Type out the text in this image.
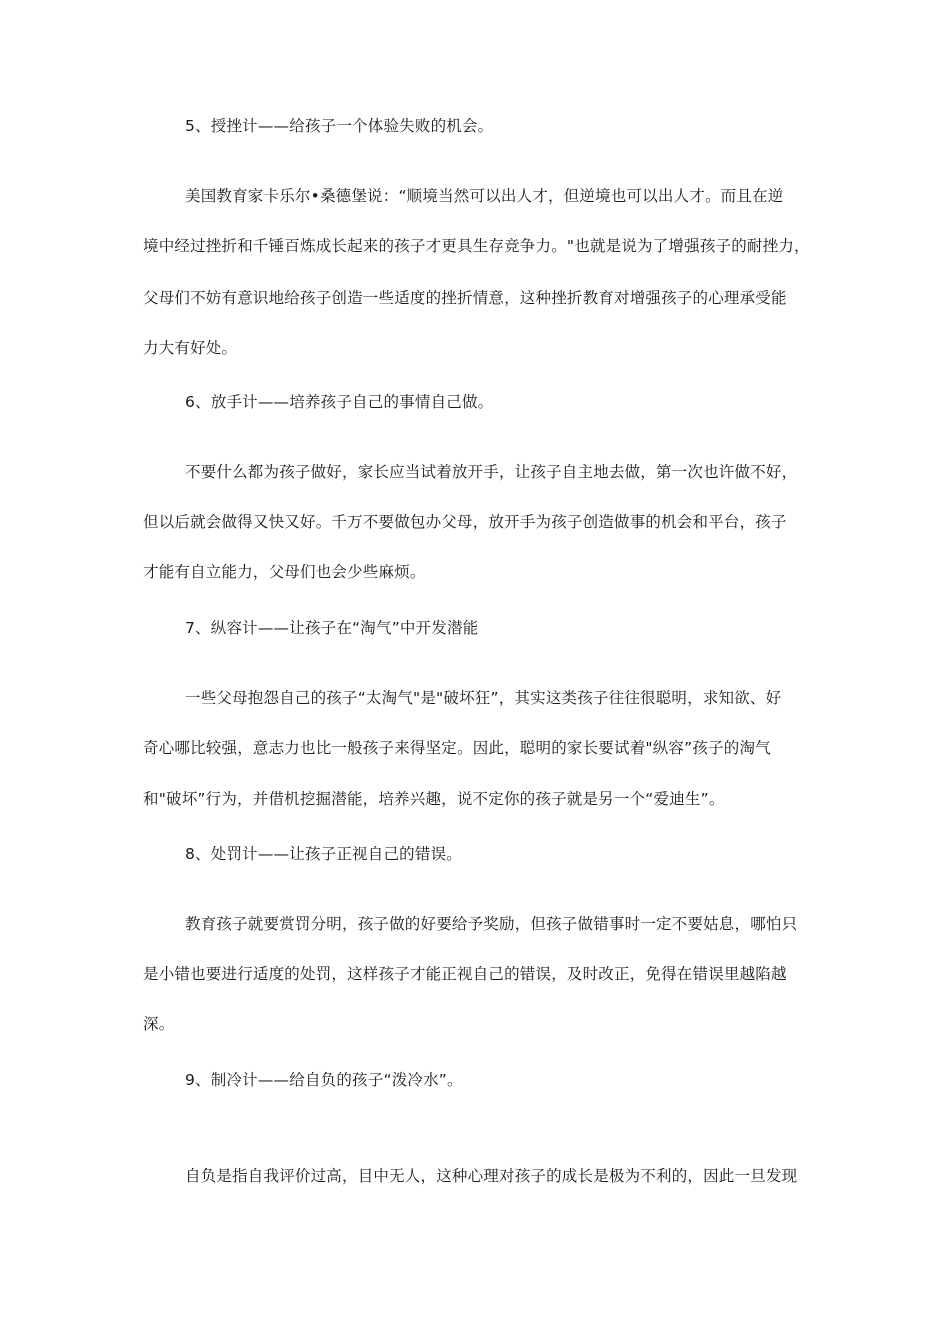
5、授挫计——给孩子一个体验失败的机会。
美国教育家卡乐尔•桑德堡说：“顺境当然可以出人才，但逆境也可以出人才。而且在逆
境中经过挫折和千锤百炼成长起来的孩子才更具生存竞争力。"也就是说为了增强孩子的耐挫力，
父母们不妨有意识地给孩子创造一些适度的挫折情意，这种挫折教育对增强孩子的心理承受能
力大有好处。
6、放手计——培养孩子自己的事情自己做。
不要什么都为孩子做好，家长应当试着放开手，让孩子自主地去做，第一次也许做不好，
但以后就会做得又快又好。千万不要做包办父母，放开手为孩子创造做事的机会和平台，孩子
才能有自立能力，父母们也会少些麻烦。
7、纵容计——让孩子在“淘气”中开发潜能
一些父母抱怨自己的孩子“太淘气"是"破坏狂”，其实这类孩子往往很聪明，求知欲、好
奇心哪比较强，意志力也比一般孩子来得坚定。因此，聪明的家长要试着"纵容”孩子的淘气
和"破坏”行为，并借机挖掘潜能，培养兴趣，说不定你的孩子就是另一个“爱迪生”。
8、处罚计——让孩子正视自己的错误。
教育孩子就要赏罚分明，孩子做的好要给予奖励，但孩子做错事时一定不要姑息，哪怕只
是小错也要进行适度的处罚，这样孩子才能正视自己的错误，及时改正，免得在错误里越陷越
深。
9、制冷计——给自负的孩子“泼冷水”。
自负是指自我评价过高，目中无人，这种心理对孩子的成长是极为不利的，因此一旦发现
